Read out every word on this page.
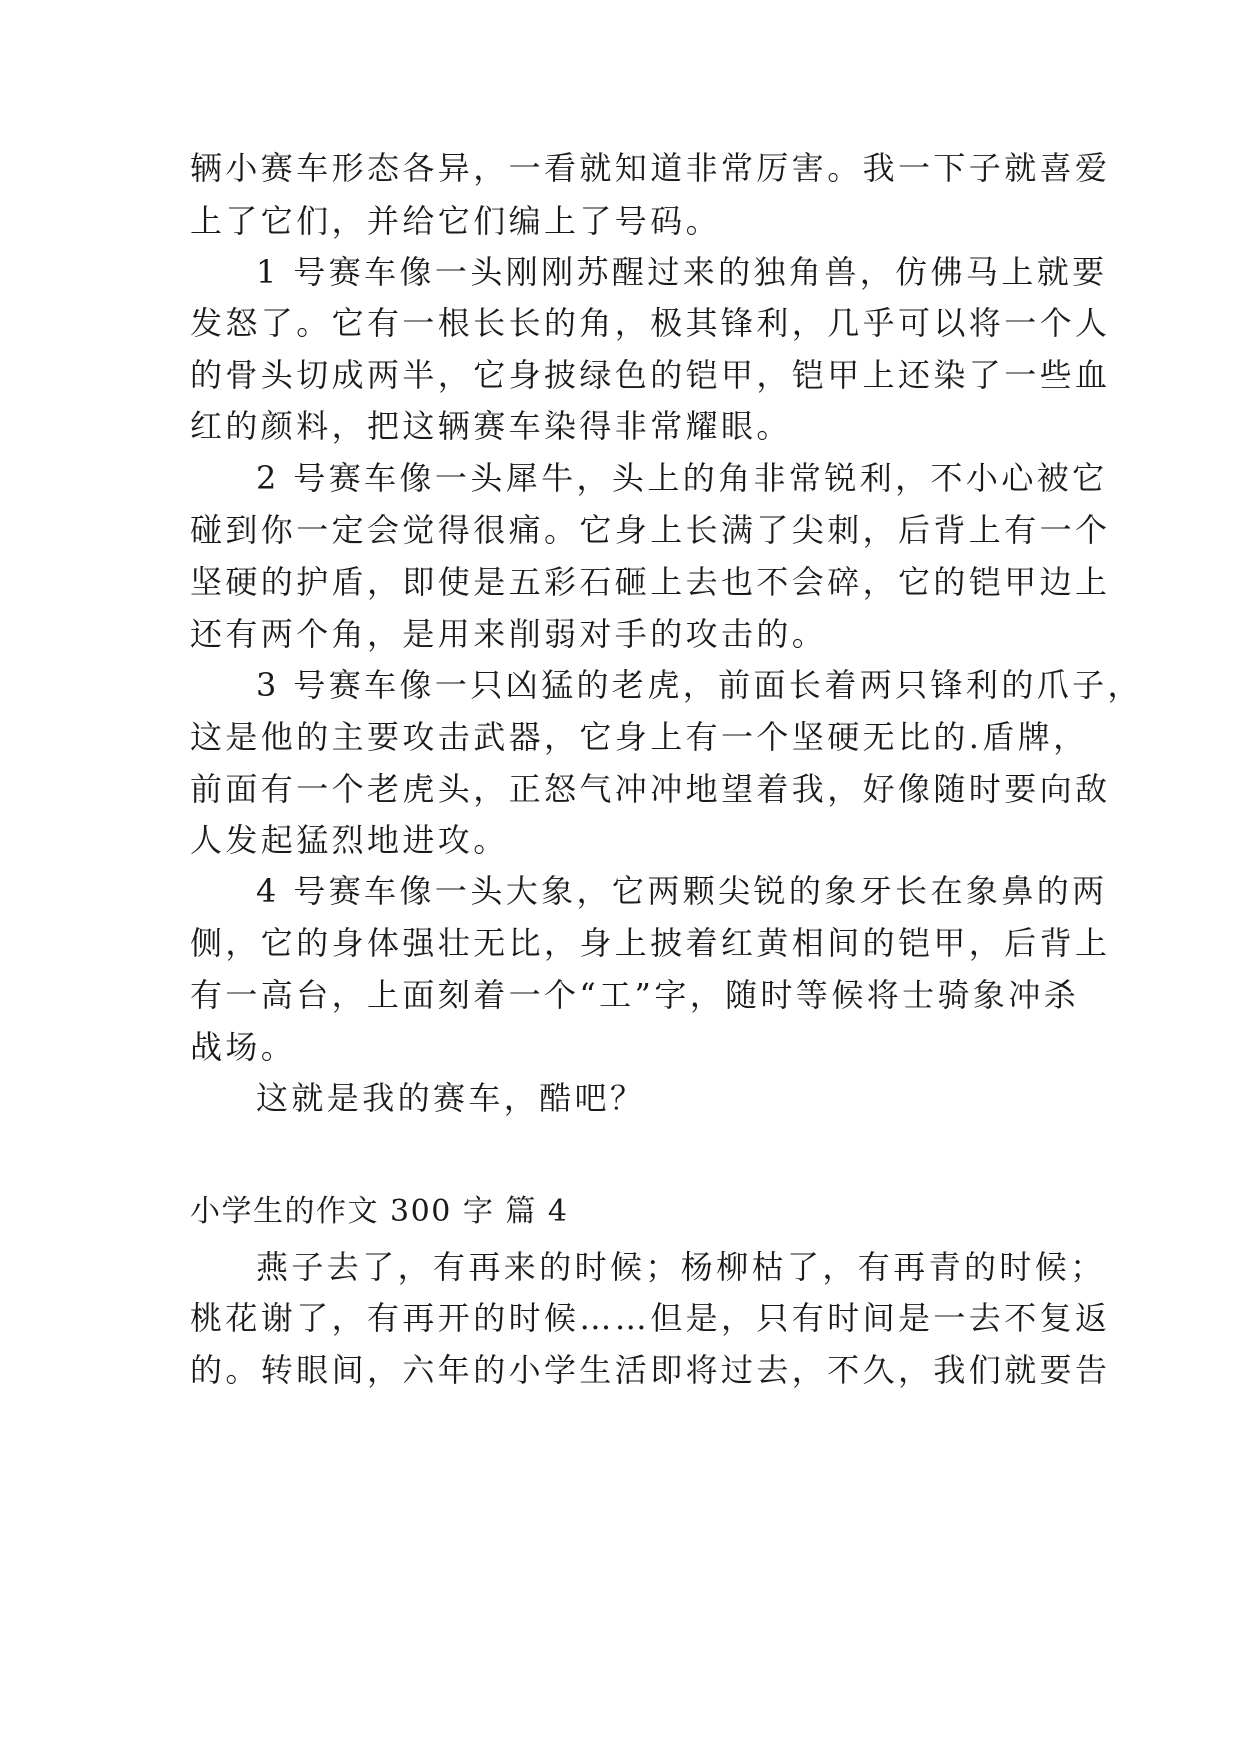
辆小赛车形态各异，一看就知道非常厉害。我一下子就喜爱
上了它们，并给它们编上了号码。
1 号赛车像一头刚刚苏醒过来的独角兽，仿佛马上就要
发怒了。它有一根长长的角，极其锋利，几乎可以将一个人
的骨头切成两半，它身披绿色的铠甲，铠甲上还染了一些血
红的颜料，把这辆赛车染得非常耀眼。
2 号赛车像一头犀牛，头上的角非常锐利，不小心被它
碰到你一定会觉得很痛。它身上长满了尖刺，后背上有一个
坚硬的护盾，即使是五彩石砸上去也不会碎，它的铠甲边上
还有两个角，是用来削弱对手的攻击的。
3 号赛车像一只凶猛的老虎，前面长着两只锋利的爪子，
这是他的主要攻击武器，它身上有一个坚硬无比的.盾牌，
前面有一个老虎头，正怒气冲冲地望着我，好像随时要向敌
人发起猛烈地进攻。
4 号赛车像一头大象，它两颗尖锐的象牙长在象鼻的两
侧，它的身体强壮无比，身上披着红黄相间的铠甲，后背上
有一高台，上面刻着一个“工”字，随时等候将士骑象冲杀
战场。
这就是我的赛车，酷吧？
小学生的作文 300 字 篇 4
燕子去了，有再来的时候；杨柳枯了，有再青的时候；
桃花谢了，有再开的时候……但是，只有时间是一去不复返
的。转眼间，六年的小学生活即将过去，不久，我们就要告
